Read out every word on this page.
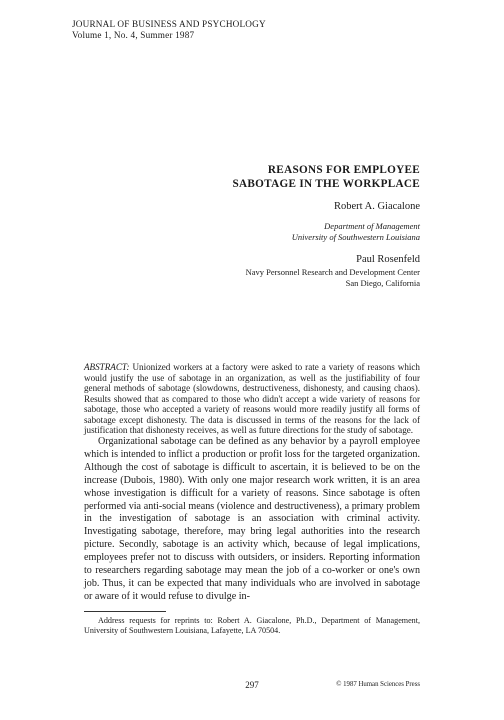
JOURNAL OF BUSINESS AND PSYCHOLOGY
Volume 1, No. 4, Summer 1987
REASONS FOR EMPLOYEE
SABOTAGE IN THE WORKPLACE
Robert A. Giacalone
Department of Management
University of Southwestern Louisiana
Paul Rosenfeld
Navy Personnel Research and Development Center
San Diego, California
ABSTRACT: Unionized workers at a factory were asked to rate a variety of reasons which would justify the use of sabotage in an organization, as well as the justifiability of four general methods of sabotage (slowdowns, destructiveness, dishonesty, and causing chaos). Results showed that as compared to those who didn't accept a wide variety of reasons for sabotage, those who accepted a variety of reasons would more readily justify all forms of sabotage except dishonesty. The data is discussed in terms of the reasons for the lack of justification that dishonesty receives, as well as future directions for the study of sabotage.

Organizational sabotage can be defined as any behavior by a payroll employee which is intended to inflict a production or profit loss for the targeted organization. Although the cost of sabotage is difficult to ascertain, it is believed to be on the increase (Dubois, 1980). With only one major research work written, it is an area whose investigation is difficult for a variety of reasons. Since sabotage is often performed via anti-social means (violence and destructiveness), a primary problem in the investigation of sabotage is an association with criminal activity. Investigating sabotage, therefore, may bring legal authorities into the research picture. Secondly, sabotage is an activity which, because of legal implications, employees prefer not to discuss with outsiders, or insiders. Reporting information to researchers regarding sabotage may mean the job of a co-worker or one's own job. Thus, it can be expected that many individuals who are involved in sabotage or aware of it would refuse to divulge in-

Address requests for reprints to: Robert A. Giacalone, Ph.D., Department of Management, University of Southwestern Louisiana, Lafayette, LA 70504.
297	© 1987 Human Sciences Press
